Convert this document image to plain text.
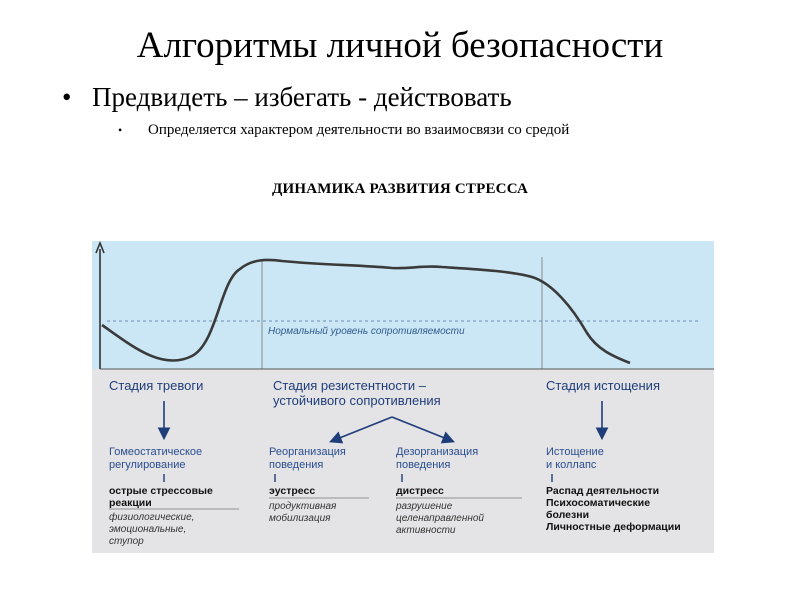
Алгоритмы личной безопасности
• Предвидеть – избегать - действовать
• Определяется характером деятельности во взаимосвязи со средой
ДИНАМИКА РАЗВИТИЯ СТРЕССА
Нормальный уровень сопротивляемости
Стадия тревоги	Стадия резистентности –
устойчивого сопротивления
Стадия истощения
Гомеостатическое
регулирование
острые стрессовые
реакции
физиологические,
эмоциональные,
ступор
Реорганизация
поведения
эустресс
продуктивная
мобилизация
Дезорганизация
поведения
дистресс
разрушение
целенаправленной
активности
Истощение
и коллапс
Распад деятельности
Психосоматические
болезни
Личностные деформации
